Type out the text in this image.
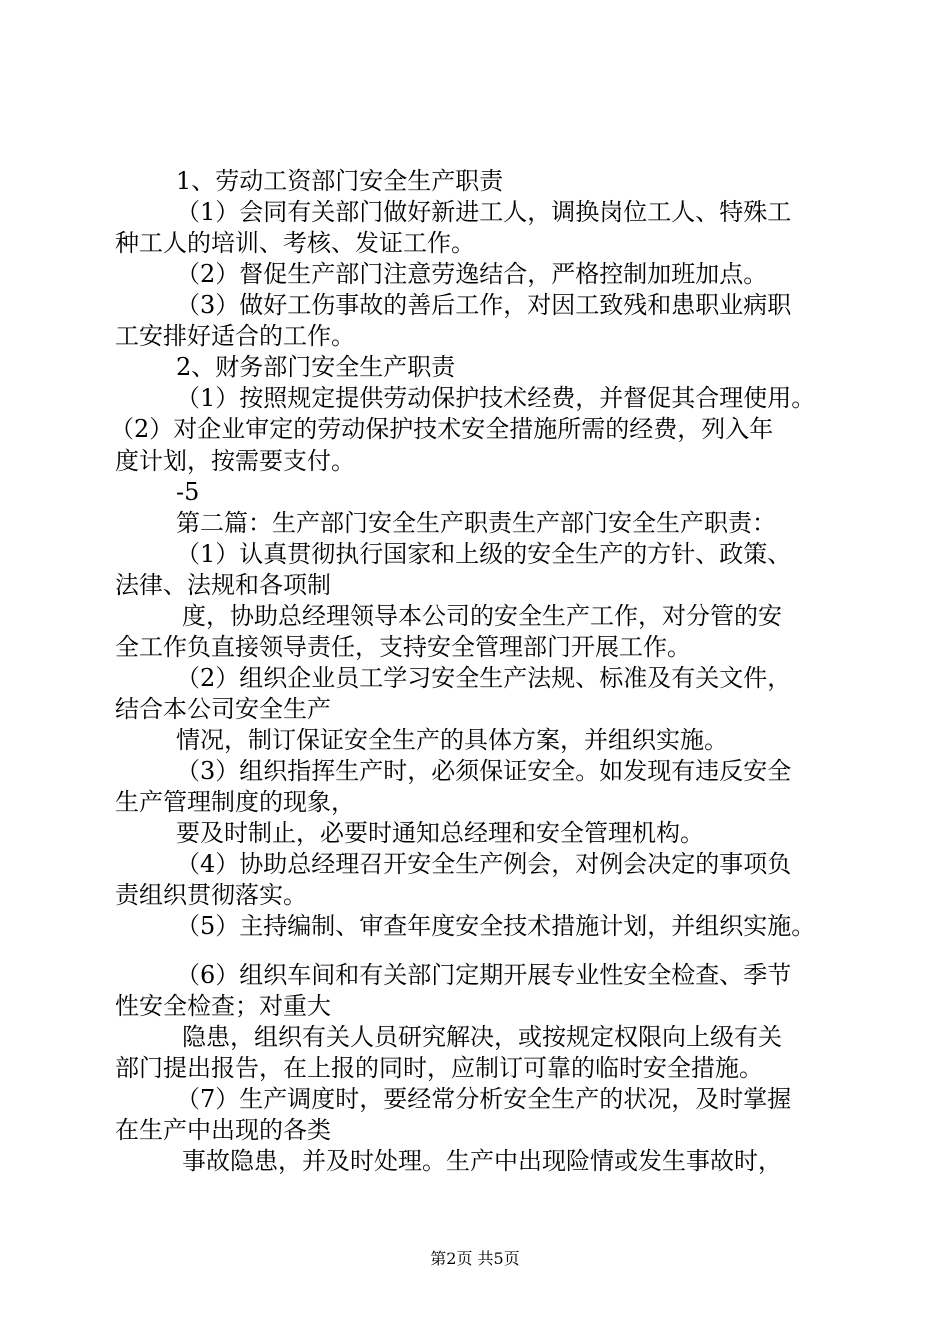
1、劳动工资部门安全生产职责
（1）会同有关部门做好新进工人，调换岗位工人、特殊工
种工人的培训、考核、发证工作。
（2）督促生产部门注意劳逸结合，严格控制加班加点。
（3）做好工伤事故的善后工作，对因工致残和患职业病职
工安排好适合的工作。
2、财务部门安全生产职责
（1）按照规定提供劳动保护技术经费，并督促其合理使用。
（2）对企业审定的劳动保护技术安全措施所需的经费，列入年
度计划，按需要支付。
-5
第二篇：生产部门安全生产职责生产部门安全生产职责：
（1）认真贯彻执行国家和上级的安全生产的方针、政策、
法律、法规和各项制
度，协助总经理领导本公司的安全生产工作，对分管的安
全工作负直接领导责任，支持安全管理部门开展工作。
（2）组织企业员工学习安全生产法规、标准及有关文件，
结合本公司安全生产
情况，制订保证安全生产的具体方案，并组织实施。
（3）组织指挥生产时，必须保证安全。如发现有违反安全
生产管理制度的现象，
要及时制止，必要时通知总经理和安全管理机构。
（4）协助总经理召开安全生产例会，对例会决定的事项负
责组织贯彻落实。
（5）主持编制、审查年度安全技术措施计划，并组织实施。
（6）组织车间和有关部门定期开展专业性安全检查、季节
性安全检查；对重大
隐患，组织有关人员研究解决，或按规定权限向上级有关
部门提出报告，在上报的同时，应制订可靠的临时安全措施。
（7）生产调度时，要经常分析安全生产的状况，及时掌握
在生产中出现的各类
事故隐患，并及时处理。生产中出现险情或发生事故时，
第2页 共5页
